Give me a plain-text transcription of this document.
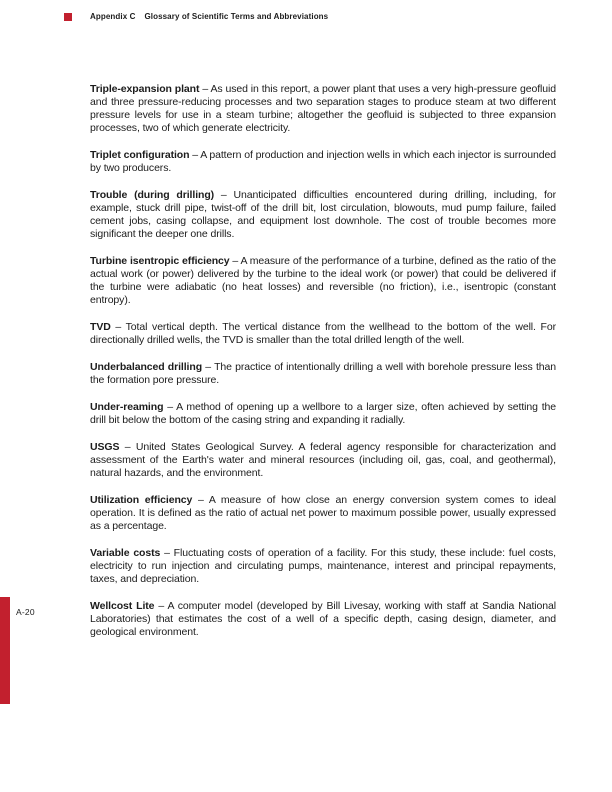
Appendix C Glossary of Scientific Terms and Abbreviations

Triple-expansion plant – As used in this report, a power plant that uses a very high-pressure geofluid and three pressure-reducing processes and two separation stages to produce steam at two different pressure levels for use in a steam turbine; altogether the geofluid is subjected to three expansion processes, two of which generate electricity.

Triplet configuration – A pattern of production and injection wells in which each injector is surrounded by two producers.

Trouble (during drilling) – Unanticipated difficulties encountered during drilling, including, for example, stuck drill pipe, twist-off of the drill bit, lost circulation, blowouts, mud pump failure, failed cement jobs, casing collapse, and equipment lost downhole. The cost of trouble becomes more significant the deeper one drills.

Turbine isentropic efficiency – A measure of the performance of a turbine, defined as the ratio of the actual work (or power) delivered by the turbine to the ideal work (or power) that could be delivered if the turbine were adiabatic (no heat losses) and reversible (no friction), i.e., isentropic (constant entropy).

TVD – Total vertical depth. The vertical distance from the wellhead to the bottom of the well. For directionally drilled wells, the TVD is smaller than the total drilled length of the well.

Underbalanced drilling – The practice of intentionally drilling a well with borehole pressure less than the formation pore pressure.

Under-reaming – A method of opening up a wellbore to a larger size, often achieved by setting the drill bit below the bottom of the casing string and expanding it radially.

USGS – United States Geological Survey. A federal agency responsible for characterization and assessment of the Earth's water and mineral resources (including oil, gas, coal, and geothermal), natural hazards, and the environment.

Utilization efficiency – A measure of how close an energy conversion system comes to ideal operation. It is defined as the ratio of actual net power to maximum possible power, usually expressed as a percentage.

Variable costs – Fluctuating costs of operation of a facility. For this study, these include: fuel costs, electricity to run injection and circulating pumps, maintenance, interest and principal repayments, taxes, and depreciation.

Wellcost Lite – A computer model (developed by Bill Livesay, working with staff at Sandia National Laboratories) that estimates the cost of a well of a specific depth, casing design, diameter, and geological environment.

A-20
